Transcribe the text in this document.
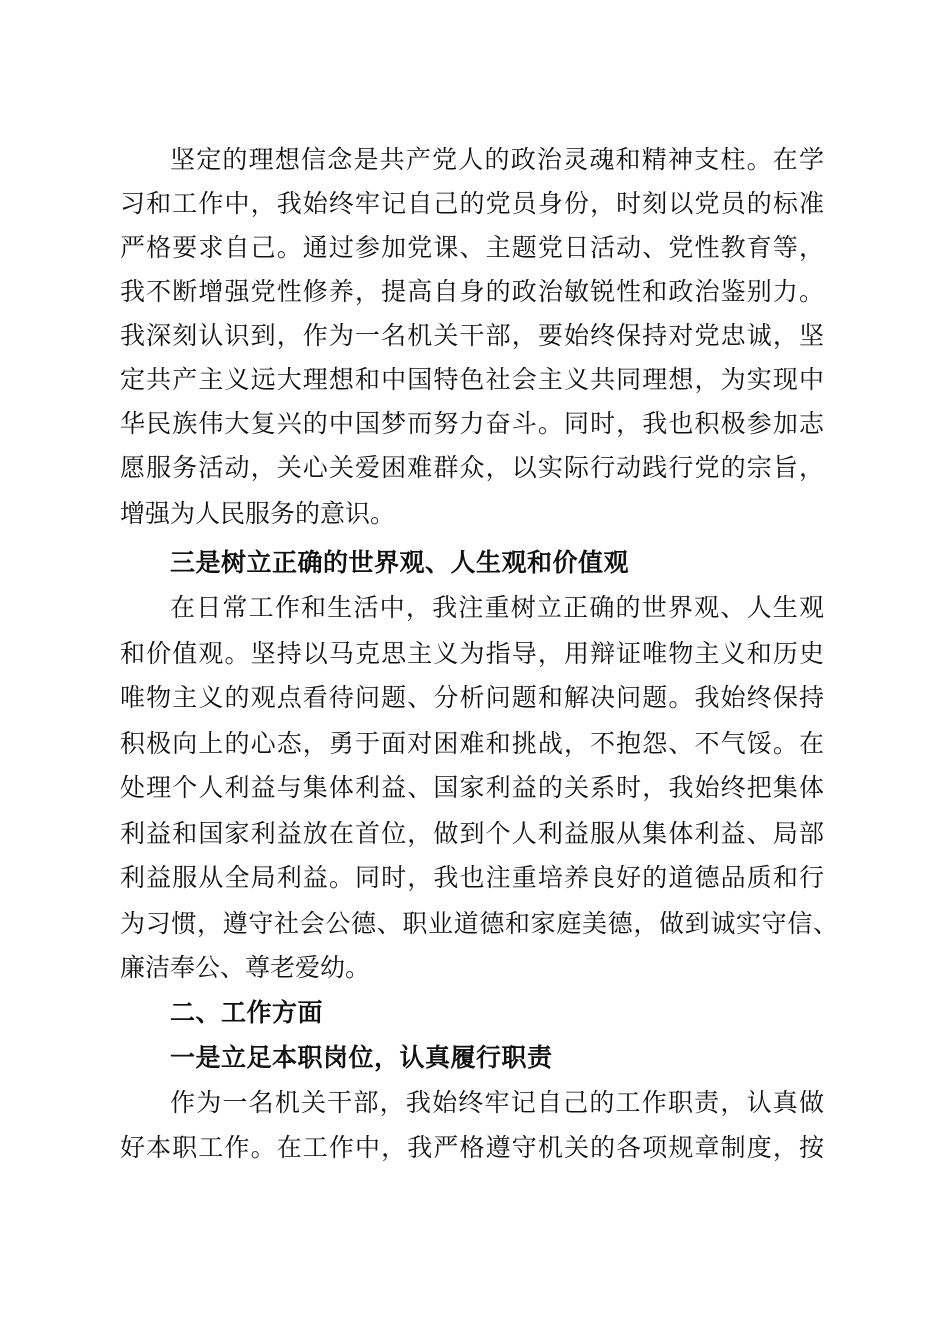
坚定的理想信念是共产党人的政治灵魂和精神支柱。在学
习和工作中，我始终牢记自己的党员身份，时刻以党员的标准
严格要求自己。通过参加党课、主题党日活动、党性教育等，
我不断增强党性修养，提高自身的政治敏锐性和政治鉴别力。
我深刻认识到，作为一名机关干部，要始终保持对党忠诚，坚
定共产主义远大理想和中国特色社会主义共同理想，为实现中
华民族伟大复兴的中国梦而努力奋斗。同时，我也积极参加志
愿服务活动，关心关爱困难群众，以实际行动践行党的宗旨，
增强为人民服务的意识。
三是树立正确的世界观、人生观和价值观
在日常工作和生活中，我注重树立正确的世界观、人生观
和价值观。坚持以马克思主义为指导，用辩证唯物主义和历史
唯物主义的观点看待问题、分析问题和解决问题。我始终保持
积极向上的心态，勇于面对困难和挑战，不抱怨、不气馁。在
处理个人利益与集体利益、国家利益的关系时，我始终把集体
利益和国家利益放在首位，做到个人利益服从集体利益、局部
利益服从全局利益。同时，我也注重培养良好的道德品质和行
为习惯，遵守社会公德、职业道德和家庭美德，做到诚实守信、
廉洁奉公、尊老爱幼。
二、工作方面
一是立足本职岗位，认真履行职责
作为一名机关干部，我始终牢记自己的工作职责，认真做
好本职工作。在工作中，我严格遵守机关的各项规章制度，按
